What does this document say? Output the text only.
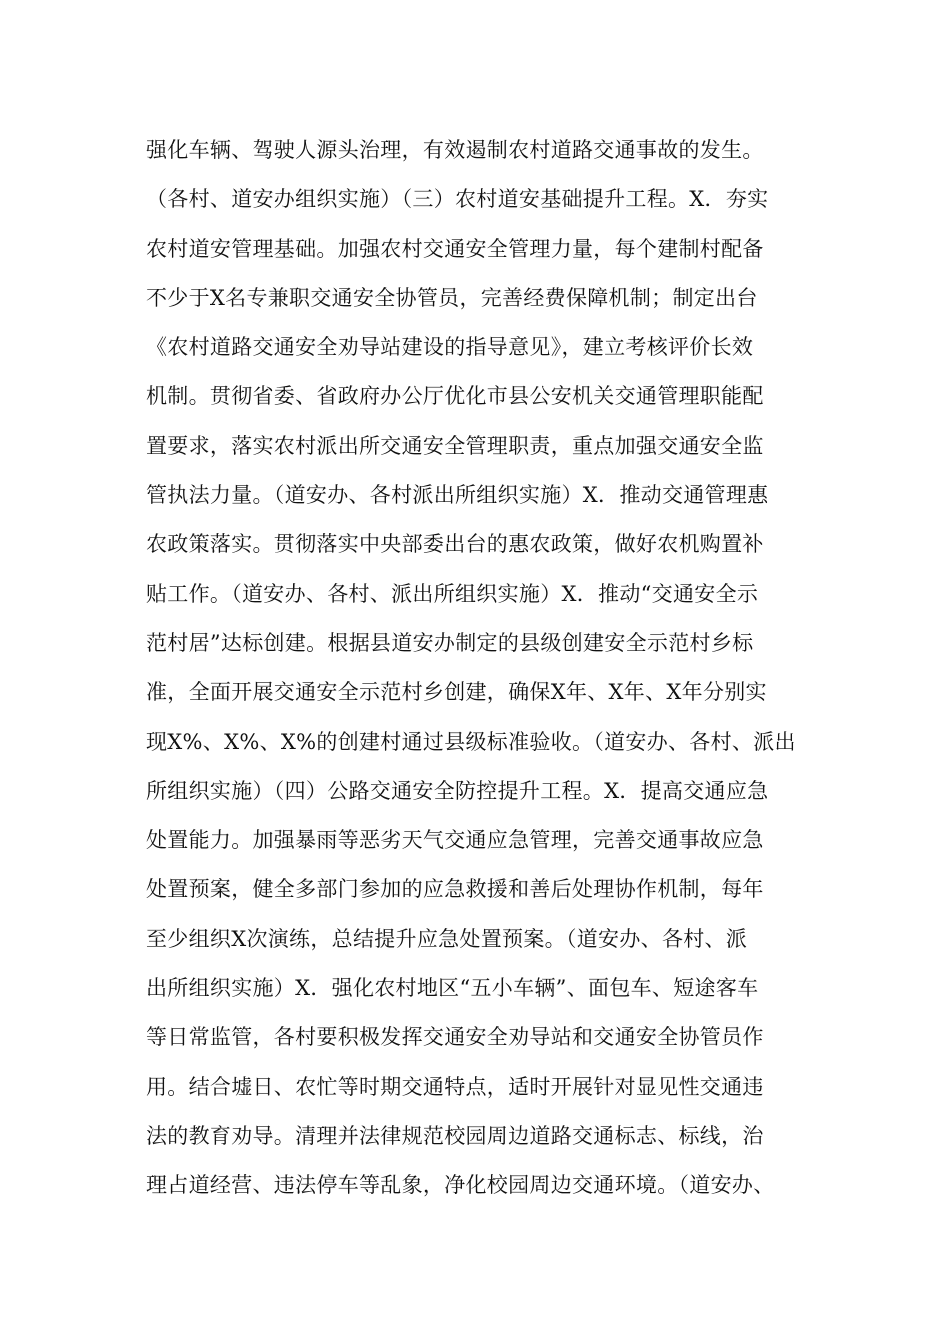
强化车辆、驾驶人源头治理，有效遏制农村道路交通事故的发生。
（各村、道安办组织实施）（三）农村道安基础提升工程。X．夯实
农村道安管理基础。加强农村交通安全管理力量，每个建制村配备
不少于X名专兼职交通安全协管员，完善经费保障机制；制定出台
《农村道路交通安全劝导站建设的指导意见》，建立考核评价长效
机制。贯彻省委、省政府办公厅优化市县公安机关交通管理职能配
置要求，落实农村派出所交通安全管理职责，重点加强交通安全监
管执法力量。（道安办、各村派出所组织实施）X．推动交通管理惠
农政策落实。贯彻落实中央部委出台的惠农政策，做好农机购置补
贴工作。（道安办、各村、派出所组织实施）X．推动“交通安全示
范村居”达标创建。根据县道安办制定的县级创建安全示范村乡标
准，全面开展交通安全示范村乡创建，确保X年、X年、X年分别实
现X%、X%、X%的创建村通过县级标准验收。（道安办、各村、派出
所组织实施）（四）公路交通安全防控提升工程。X．提高交通应急
处置能力。加强暴雨等恶劣天气交通应急管理，完善交通事故应急
处置预案，健全多部门参加的应急救援和善后处理协作机制，每年
至少组织X次演练，总结提升应急处置预案。（道安办、各村、派
出所组织实施）X．强化农村地区“五小车辆”、面包车、短途客车
等日常监管，各村要积极发挥交通安全劝导站和交通安全协管员作
用。结合墟日、农忙等时期交通特点，适时开展针对显见性交通违
法的教育劝导。清理并法律规范校园周边道路交通标志、标线，治
理占道经营、违法停车等乱象，净化校园周边交通环境。（道安办、
